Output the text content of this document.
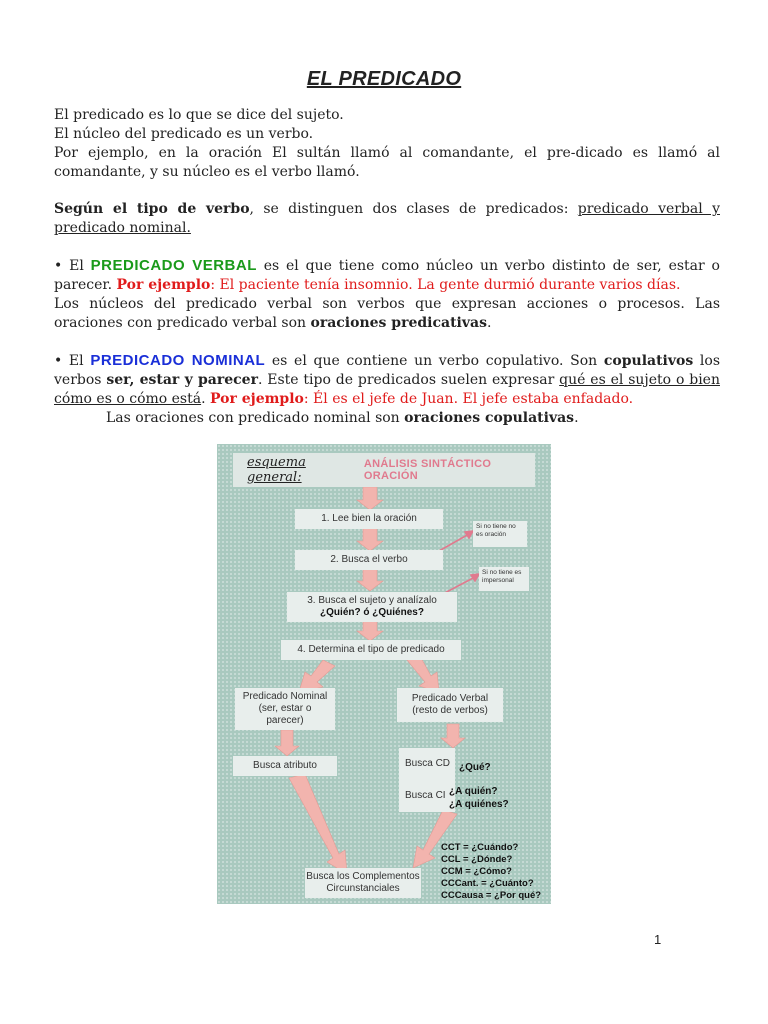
EL PREDICADO

El predicado es lo que se dice del sujeto.

El núcleo del predicado es un verbo.

Por ejemplo, en la oración El sultán llamó al comandante, el pre-dicado es llamó al comandante, y su núcleo es el verbo llamó.

Según el tipo de verbo, se distinguen dos clases de predicados: predicado verbal y predicado nominal.

• El PREDICADO VERBAL es el que tiene como núcleo un verbo distinto de ser, estar o parecer. Por ejemplo: El paciente tenía insomnio. La gente durmió durante varios días.

Los núcleos del predicado verbal son verbos que expresan acciones o procesos. Las oraciones con predicado verbal son oraciones predicativas.

• El PREDICADO NOMINAL es el que contiene un verbo copulativo. Son copulativos los verbos ser, estar y parecer. Este tipo de predicados suelen expresar qué es el sujeto o bien cómo es o cómo está. Por ejemplo: Él es el jefe de Juan. El jefe estaba enfadado.

Las oraciones con predicado nominal son oraciones copulativas.

esquema general:
ANÁLISIS SINTÁCTICO ORACIÓN
1. Lee bien la oración
Si no tiene no es oración
2. Busca el verbo
Si no tiene es impersonal
3. Busca el sujeto y analízalo
¿Quién? ó ¿Quiénes?
4. Determina el tipo de predicado
Predicado Nominal (ser, estar o parecer)
Predicado Verbal (resto de verbos)
Busca atributo	Busca CD
Busca CI
¿Qué?
¿A quién?
¿A quiénes?
Busca los Complementos Circunstanciales
CCT = ¿Cuándo?
CCL = ¿Dónde?
CCM = ¿Cómo?
CCCant. = ¿Cuánto?
CCCausa = ¿Por qué?
1
